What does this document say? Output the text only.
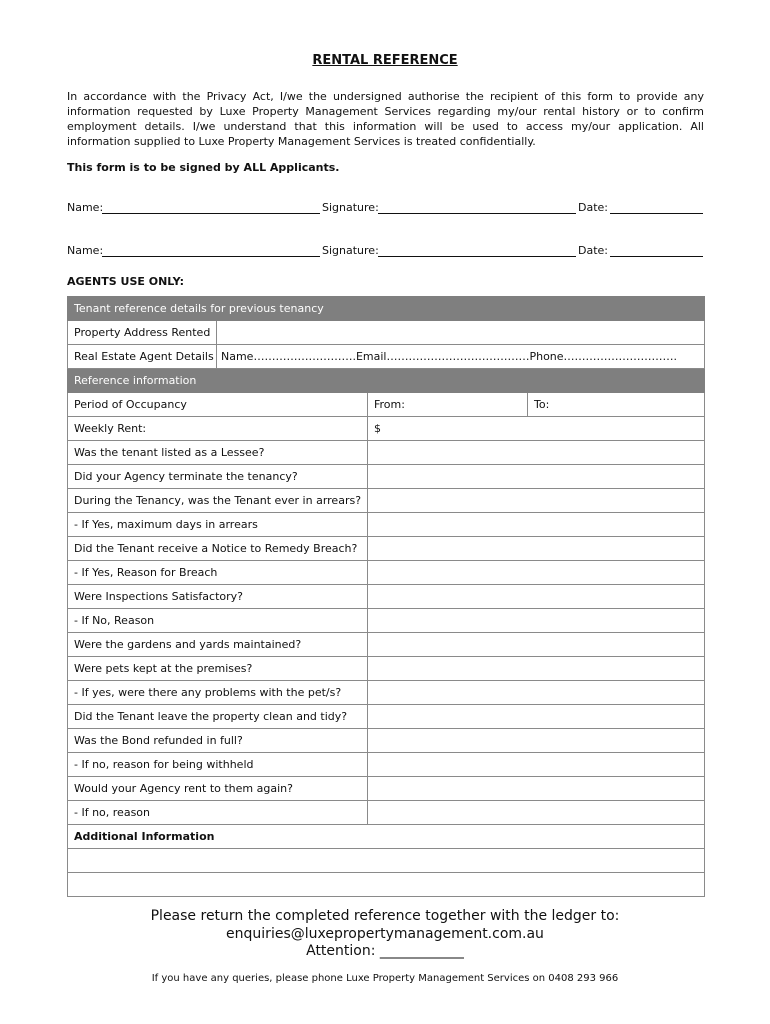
RENTAL REFERENCE

In accordance with the Privacy Act, I/we the undersigned authorise the recipient of this form to provide any information requested by Luxe Property Management Services regarding my/our rental history or to confirm employment details. I/we understand that this information will be used to access my/our application. All information supplied to Luxe Property Management Services is treated confidentially.

This form is to be signed by ALL Applicants.

Name:	Signature:	Date:
Name:	Signature:	Date:

AGENTS USE ONLY:

Tenant reference details for previous tenancy			
Property Address Rented			
Real Estate Agent Details	Name……………………….Email…………………………………Phone………………………….		
Reference information			
Period of Occupancy		From:	To:
Weekly Rent:		$	
Was the tenant listed as a Lessee?			
Did your Agency terminate the tenancy?			
During the Tenancy, was the Tenant ever in arrears?			
- If Yes, maximum days in arrears			
Did the Tenant receive a Notice to Remedy Breach?			
- If Yes, Reason for Breach			
Were Inspections Satisfactory?			
- If No, Reason			
Were the gardens and yards maintained?			
Were pets kept at the premises?			
- If yes, were there any problems with the pet/s?			
Did the Tenant leave the property clean and tidy?			
Was the Bond refunded in full?			
- If no, reason for being withheld			
Would your Agency rent to them again?			
- If no, reason			
Additional Information			

Please return the completed reference together with the ledger to:
enquiries@luxepropertymanagement.com.au
Attention: ____________
If you have any queries, please phone Luxe Property Management Services on 0408 293 966
